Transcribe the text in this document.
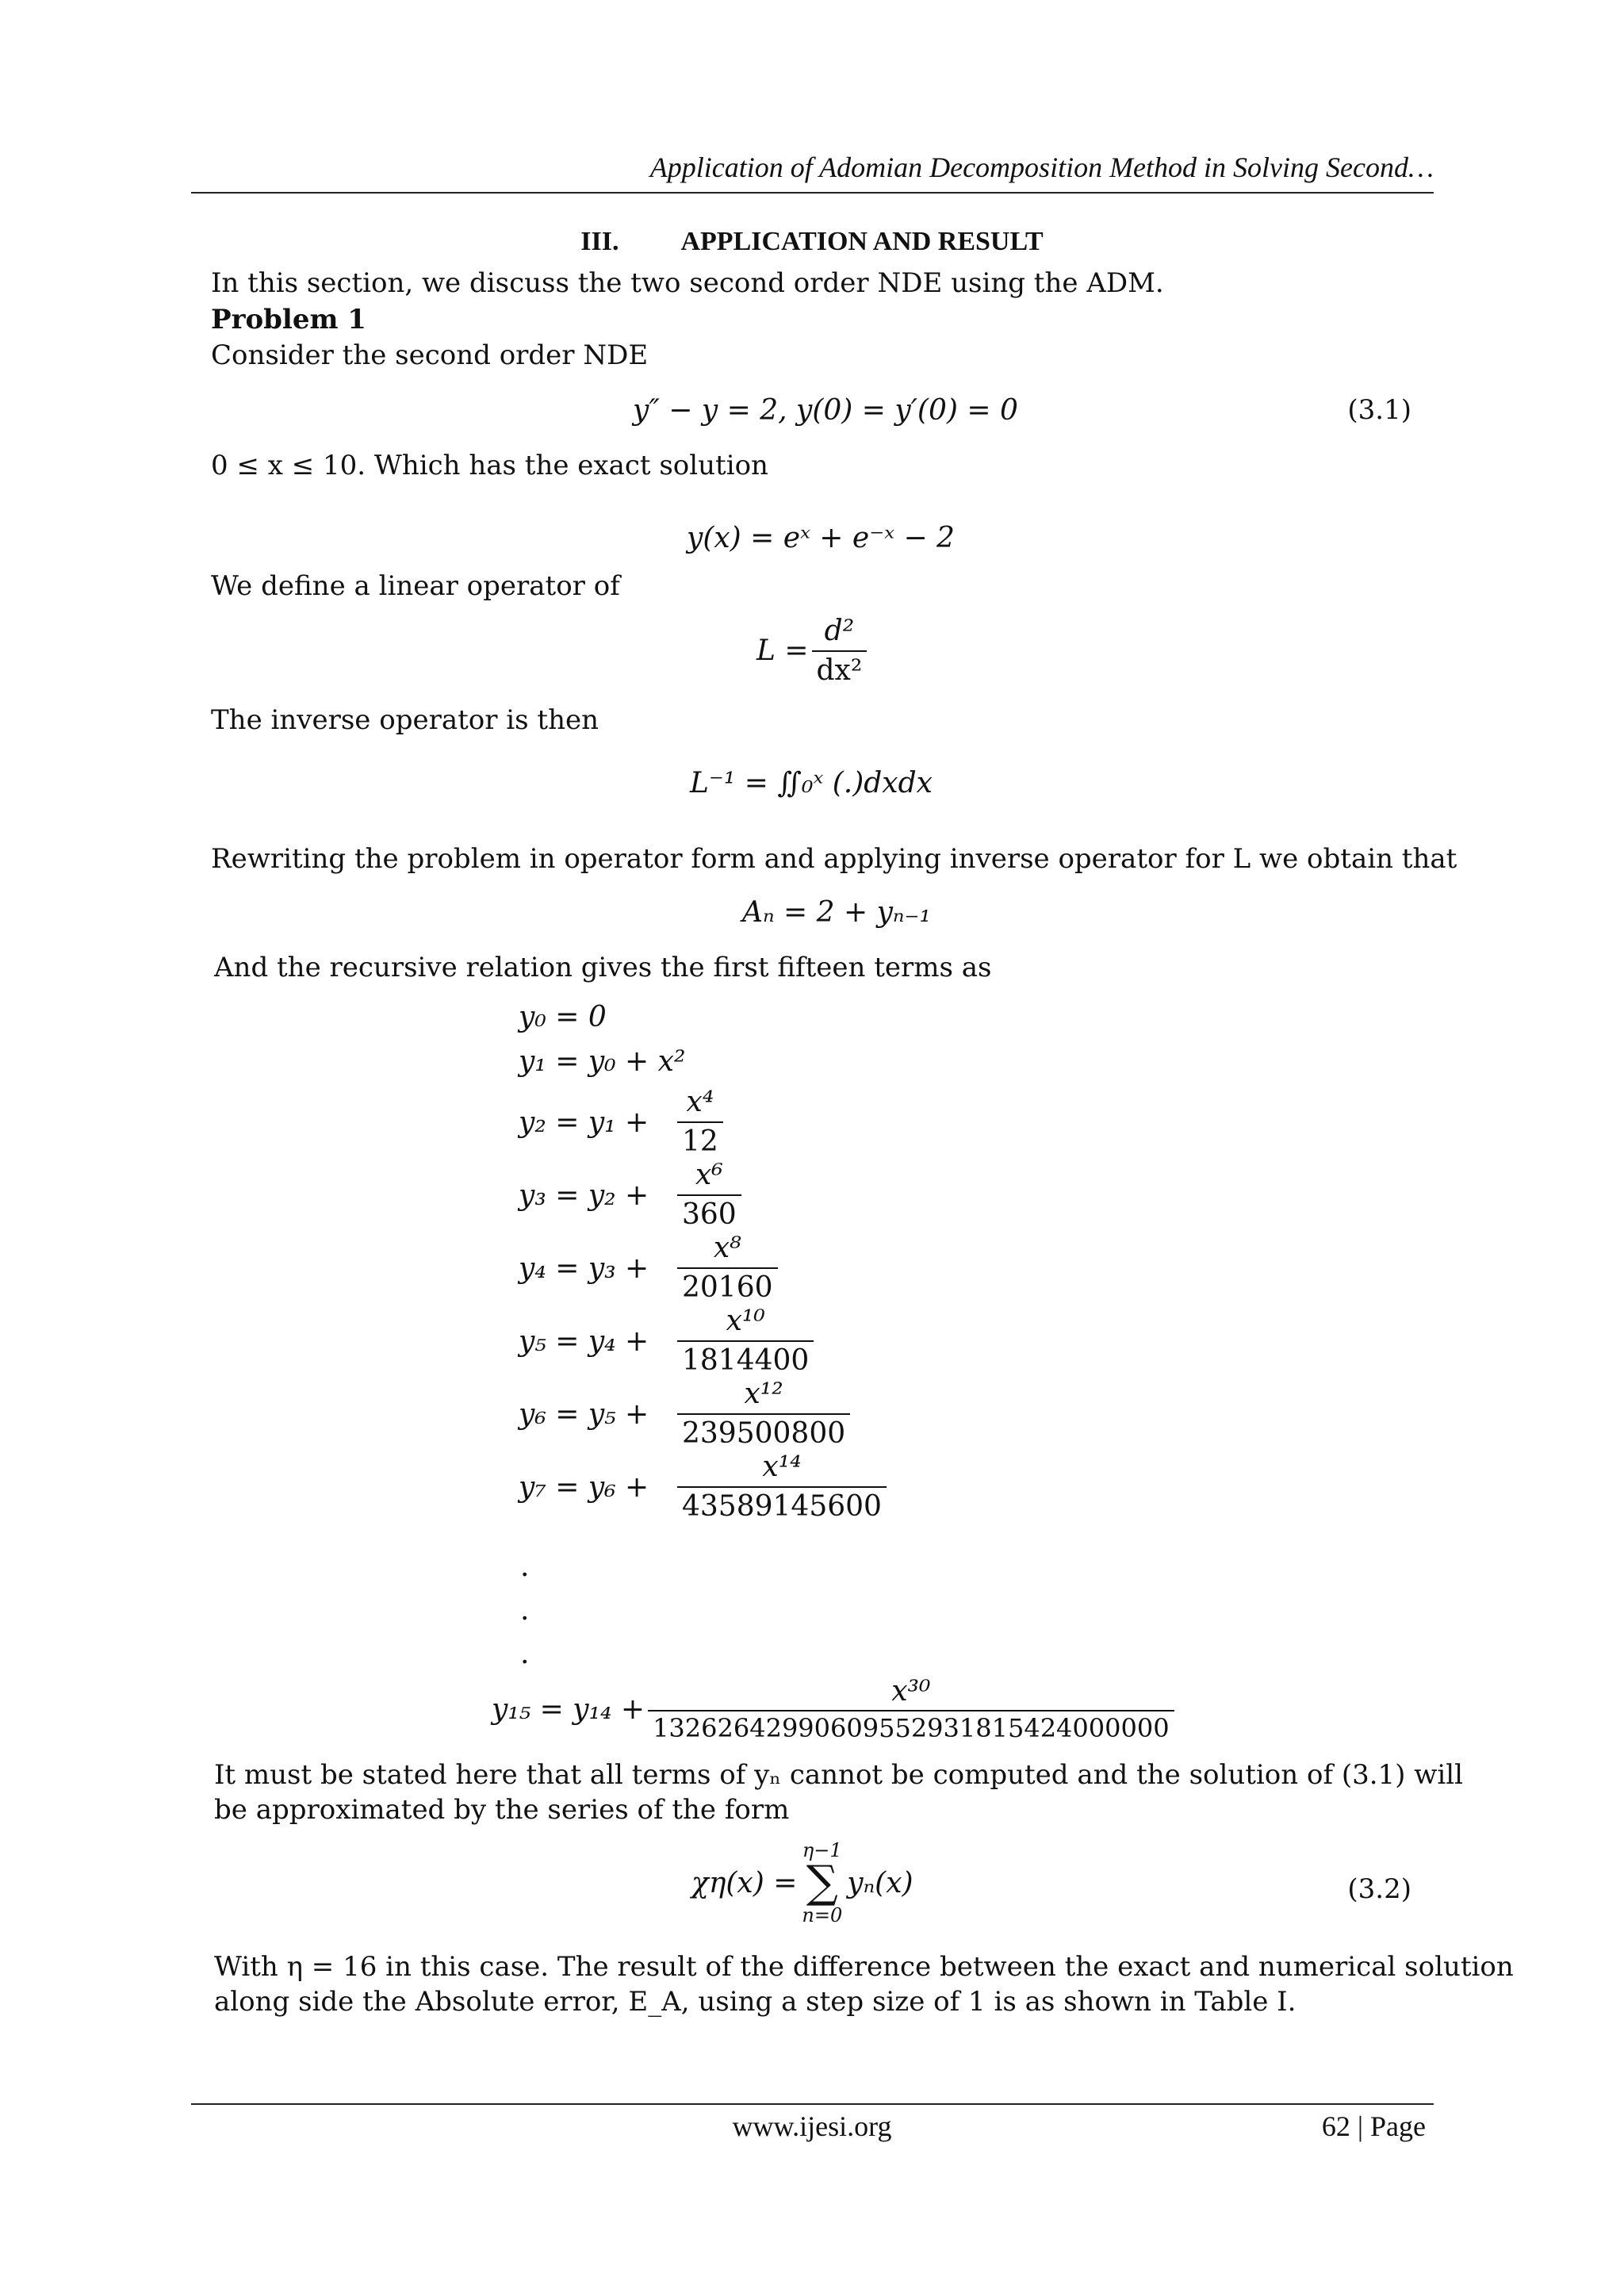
Application of Adomian Decomposition Method in Solving Second…
III. APPLICATION AND RESULT
In this section, we discuss the two second order NDE using the ADM.
Problem 1
Consider the second order NDE
y″ − y = 2, y(0) = y′(0) = 0	(3.1)
0 ≤ x ≤ 10. Which has the exact solution
y(x) = eˣ + e⁻ˣ − 2
We define a linear operator of
$L = \frac{\text{d²}}{\text{dx²}}$
The inverse operator is then
L⁻¹ = ∬₀ˣ (.)dxdx
Rewriting the problem in operator form and applying inverse operator for L we obtain that
Aₙ = 2 + yₙ₋₁
And the recursive relation gives the first fifteen terms as
y₀ = 0
y₁ = y₀ + x²
$y_2 = y_1 + \frac{\text{x⁴}}{12}$
$y_3 = y_2 + \frac{\text{x⁶}}{360}$
$y_4 = y_3 + \frac{\text{x⁸}}{20160}$
$y_5 = y_4 + \frac{\text{x¹⁰}}{1814400}$
$y_6 = y_5 + \frac{\text{x¹²}}{239500800}$
$y_7 = y_6 + \frac{\text{x¹⁴}}{43589145600}$
.
.
.
$y_{15} = y_{14} + \frac{\text{x³⁰}}{13262642990609552931815424000000}$
It must be stated here that all terms of yₙ cannot be computed and the solution of (3.1) will
be approximated by the series of the form
χη(x) =
η−1
∑
n=0
yₙ(x)	(3.2)
With η = 16 in this case. The result of the difference between the exact and numerical solution
along side the Absolute error, E_A, using a step size of 1 is as shown in Table I.
www.ijesi.org	62 | Page
